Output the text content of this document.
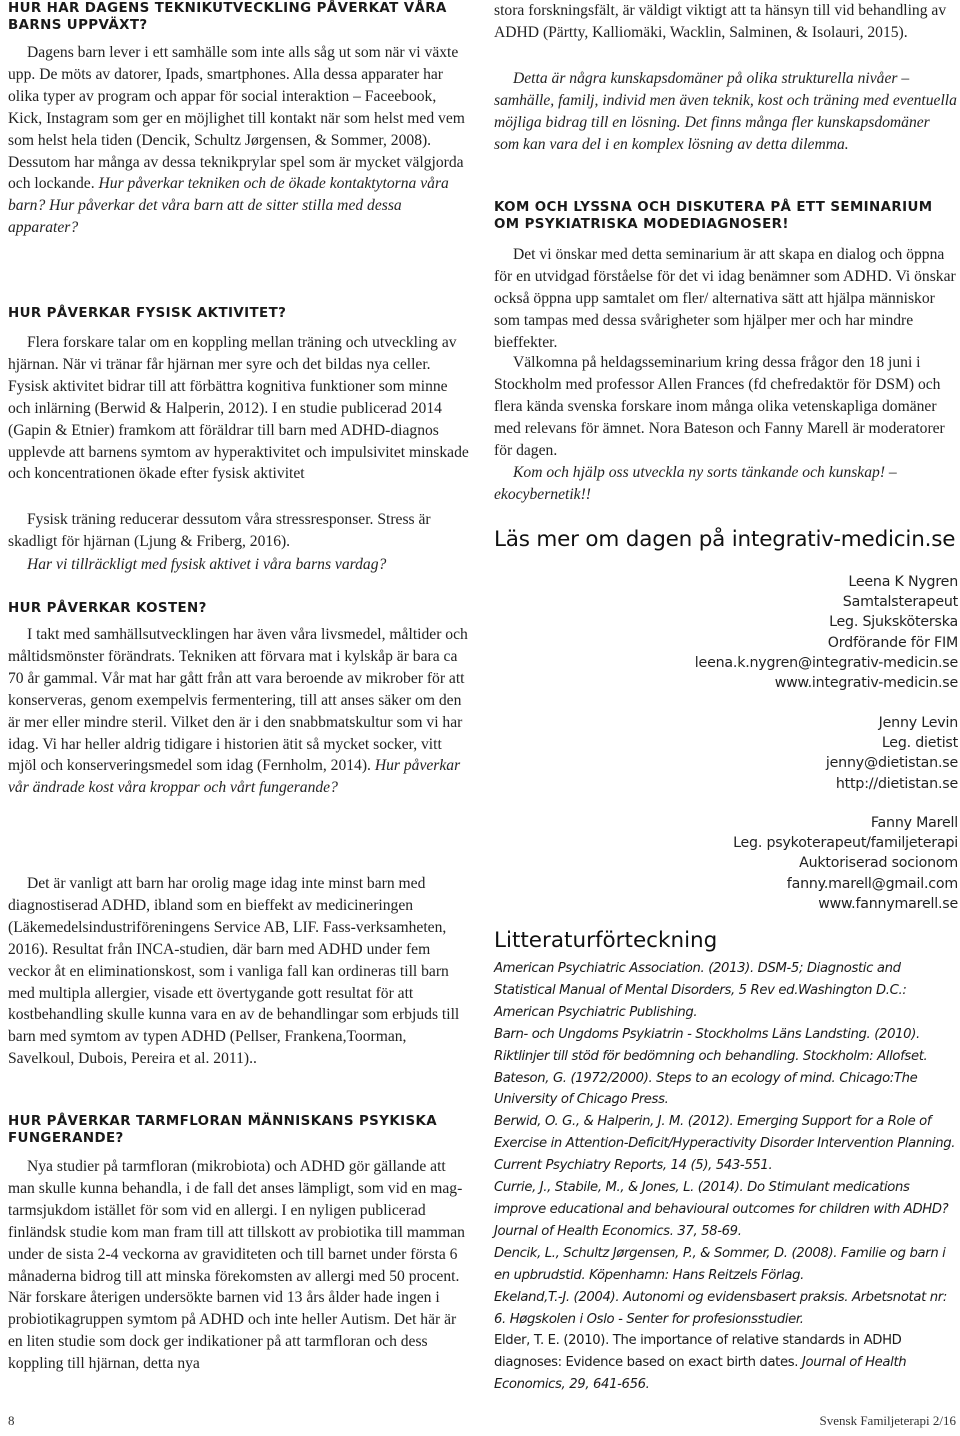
HUR HAR DAGENS TEKNIKUTVECKLING PÅVERKAT VÅRA BARNS UPPVÄXT?
Dagens barn lever i ett samhälle som inte alls såg ut som när vi växte upp. De möts av datorer, Ipads, smartphones. Alla dessa apparater har olika typer av program och appar för social interaktion – Faceebook, Kick, Instagram som ger en möjlighet till kontakt när som helst med vem som helst hela tiden (Dencik, Schultz Jørgensen, & Sommer, 2008). Dessutom har många av dessa teknikprylar spel som är mycket välgjorda och lockande. Hur påverkar tekniken och de ökade kontaktytorna våra barn? Hur påverkar det våra barn att de sitter stilla med dessa apparater?
HUR PÅVERKAR FYSISK AKTIVITET?
Flera forskare talar om en koppling mellan träning och utveckling av hjärnan. När vi tränar får hjärnan mer syre och det bildas nya celler. Fysisk aktivitet bidrar till att förbättra kognitiva funktioner som minne och inlärning (Berwid & Halperin, 2012). I en studie publicerad 2014 (Gapin & Etnier) framkom att föräldrar till barn med ADHD-diagnos upplevde att barnens symtom av hyperaktivitet och impulsivitet minskade och koncentrationen ökade efter fysisk aktivitet
Fysisk träning reducerar dessutom våra stressresponser. Stress är skadligt för hjärnan (Ljung & Friberg, 2016).
Har vi tillräckligt med fysisk aktivet i våra barns vardag?
HUR PÅVERKAR KOSTEN?
I takt med samhällsutvecklingen har även våra livsmedel, måltider och måltidsmönster förändrats. Tekniken att förvara mat i kylskåp är bara ca 70 år gammal. Vår mat har gått från att vara beroende av mikrober för att konserveras, genom exempelvis fermentering, till att anses säker om den är mer eller mindre steril. Vilket den är i den snabbmatskultur som vi har idag. Vi har heller aldrig tidigare i historien ätit så mycket socker, vitt mjöl och konserveringsmedel som idag (Fernholm, 2014). Hur påverkar vår ändrade kost våra kroppar och vårt fungerande?
Det är vanligt att barn har orolig mage idag inte minst barn med diagnostiserad ADHD, ibland som en bieffekt av medicineringen (Läkemedelsindustriföreningens Service AB, LIF. Fass-verksamheten, 2016). Resultat från INCA-studien, där barn med ADHD under fem veckor åt en eliminationskost, som i vanliga fall kan ordineras till barn med multipla allergier, visade ett övertygande gott resultat för att kostbehandling skulle kunna vara en av de behandlingar som erbjuds till barn med symtom av typen ADHD (Pellser, Frankena,Toorman, Savelkoul, Dubois, Pereira et al. 2011)..
HUR PÅVERKAR TARMFLORAN MÄNNISKANS PSYKISKA FUNGERANDE?
Nya studier på tarmfloran (mikrobiota) och ADHD gör gällande att man skulle kunna behandla, i de fall det anses lämpligt, som vid en mag-tarmsjukdom istället för som vid en allergi. I en nyligen publicerad finländsk studie kom man fram till att tillskott av probiotika till mamman under de sista 2-4 veckorna av graviditeten och till barnet under första 6 månaderna bidrog till att minska förekomsten av allergi med 50 procent. När forskare återigen undersökte barnen vid 13 års ålder hade ingen i probiotikagruppen symtom på ADHD och inte heller Autism. Det här är en liten studie som dock ger indikationer på att tarmfloran och dess koppling till hjärnan, detta nya
stora forskningsfält, är väldigt viktigt att ta hänsyn till vid behandling av ADHD (Pärtty, Kalliomäki, Wacklin, Salminen, & Isolauri, 2015).
Detta är några kunskapsdomäner på olika strukturella nivåer – samhälle, familj, individ men även teknik, kost och träning med eventuella möjliga bidrag till en lösning. Det finns många fler kunskapsdomäner som kan vara del i en komplex lösning av detta dilemma.
KOM OCH LYSSNA OCH DISKUTERA PÅ ETT SEMINARIUM OM PSYKIATRISKA MODEDIAGNOSER!
Det vi önskar med detta seminarium är att skapa en dialog och öppna för en utvidgad förståelse för det vi idag benämner som ADHD. Vi önskar också öppna upp samtalet om fler/ alternativa sätt att hjälpa människor som tampas med dessa svårigheter som hjälper mer och har mindre bieffekter.
Välkomna på heldagsseminarium kring dessa frågor den 18 juni i Stockholm med professor Allen Frances (fd chefredaktör för DSM) och flera kända svenska forskare inom många olika vetenskapliga domäner med relevans för ämnet. Nora Bateson och Fanny Marell är moderatorer för dagen.
Kom och hjälp oss utveckla ny sorts tänkande och kunskap! – ekocybernetik!!
Läs mer om dagen på integrativ-medicin.se
Leena K Nygren
Samtalsterapeut
Leg. Sjuksköterska
Ordförande för FIM
leena.k.nygren@integrativ-medicin.se
www.integrativ-medicin.se
Jenny Levin
Leg. dietist
jenny@dietistan.se
http://dietistan.se
Fanny Marell
Leg. psykoterapeut/familjeterapi
Auktoriserad socionom
fanny.marell@gmail.com
www.fannymarell.se
Litteraturförteckning
American Psychiatric Association. (2013). DSM-5; Diagnostic and Statistical Manual of Mental Disorders, 5 Rev ed.Washington D.C.: American Psychiatric Publishing.
Barn- och Ungdoms Psykiatrin - Stockholms Läns Landsting. (2010). Riktlinjer till stöd för bedömning och behandling. Stockholm: Allofset.
Bateson, G. (1972/2000). Steps to an ecology of mind. Chicago:The University of Chicago Press.
Berwid, O. G., & Halperin, J. M. (2012). Emerging Support for a Role of Exercise in Attention-Deficit/Hyperactivity Disorder Intervention Planning. Current Psychiatry Reports, 14 (5), 543-551.
Currie, J., Stabile, M., & Jones, L. (2014). Do Stimulant medications improve educational and behavioural outcomes for children with ADHD? Journal of Health Economics. 37, 58-69.
Dencik, L., Schultz Jørgensen, P., & Sommer, D. (2008). Familie og barn i en upbrudstid. Köpenhamn: Hans Reitzels Förlag.
Ekeland,T.-J. (2004). Autonomi og evidensbasert praksis. Arbetsnotat nr: 6. Høgskolen i Oslo - Senter for profesionsstudier.
Elder, T. E. (2010). The importance of relative standards in ADHD diagnoses: Evidence based on exact birth dates. Journal of Health Economics, 29, 641-656.
8	Svensk Familjeterapi 2/16
